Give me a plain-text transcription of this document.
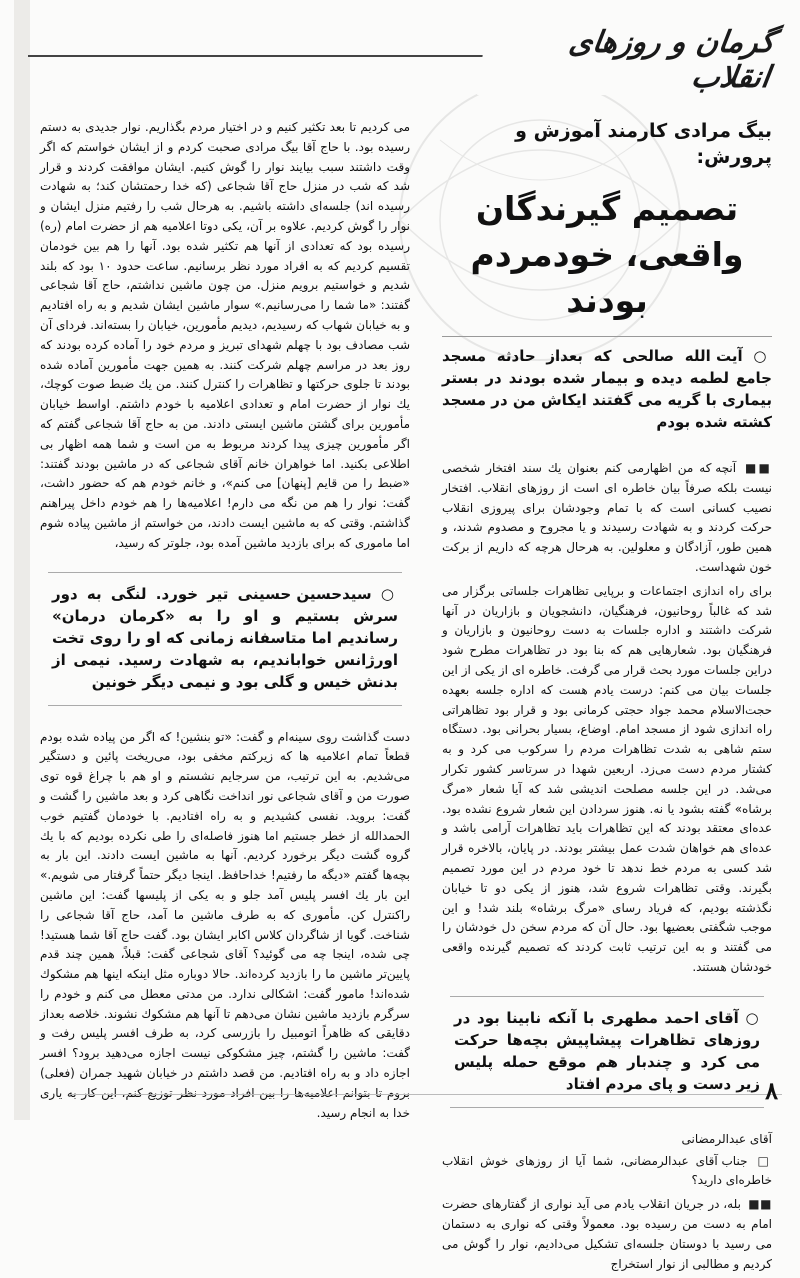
گرمان و روزهای انقلاب

بیگ مرادی کارمند آموزش و پرورش:

تصمیم گیرندگان واقعی، خودمردم بودند

○ آیت الله صالحی که بعداز حادثه مسجد جامع لطمه دیده و بیمار شده بودند در بستر بیماری با گریه می گفتند ایکاش من در مسجد کشته شده بودم

■■ آنچه که من اظهارمی کنم بعنوان یك سند افتخار شخصی نیست بلکه صرفاً بیان خاطره ای است از روزهای انقلاب. افتخار نصیب کسانی است که با تمام وجودشان برای پیروزی انقلاب حرکت کردند و به شهادت رسیدند و یا مجروح و مصدوم شدند، و همین طور، آزادگان و معلولین. به هرحال هرچه که داریم از برکت خون شهداست.

برای راه اندازی اجتماعات و برپایی تظاهرات جلساتی برگزار می شد که غالباً روحانیون، فرهنگیان، دانشجویان و بازاریان در آنها شرکت داشتند و اداره جلسات به دست روحانیون و بازاریان و فرهنگیان بود. شعارهایی هم که بنا بود در تظاهرات مطرح شود دراین جلسات مورد بحث قرار می گرفت. خاطره ای از یکی از این جلسات بیان می کنم: درست یادم هست که اداره جلسه بعهده حجت‌الاسلام محمد جواد حجتی کرمانی بود و قرار بود تظاهراتی راه اندازی شود از مسجد امام. اوضاع، بسیار بحرانی بود. دستگاه ستم شاهی به شدت تظاهرات مردم را سرکوب می کرد و به کشتار مردم دست می‌زد. اربعین شهدا در سرتاسر کشور تکرار می‌شد. در این جلسه مصلحت اندیشی شد که آیا شعار «مرگ برشاه» گفته بشود یا نه. هنوز سردادن این شعار شروع نشده بود. عده‌ای معتقد بودند که این تظاهرات باید تظاهرات آرامی باشد و عده‌ای هم خواهان شدت عمل بیشتر بودند. در پایان، بالاخره قرار شد کسی به مردم خط ندهد تا خود مردم در این مورد تصمیم بگیرند. وقتی تظاهرات شروع شد، هنوز از یکی دو تا خیابان نگذشته بودیم، که فریاد رسای «مرگ برشاه» بلند شد! و این موجب شگفتی بعضیها بود. حال آن که مردم سخن دل خودشان را می گفتند و به این ترتیب ثابت کردند که تصمیم گیرنده واقعی خودشان هستند.

○ آقای احمد مطهری با آنکه نابینا بود در روزهای تظاهرات پیشاپیش بچه‌ها حرکت می کرد و چندبار هم موقع حمله پلیس زیر دست و پای مردم افتاد

آقای عبدالرمضانی

□ جناب آقای عبدالرمضانی، شما آیا از روزهای خوش انقلاب خاطره‌ای دارید؟

■■ بله، در جریان انقلاب یادم می آید نوارى از گفتارهای حضرت امام به دست من رسیده بود. معمولاً وقتی که نواری به دستمان می رسید با دوستان جلسه‌ای تشکیل می‌دادیم، نوار را گوش می کردیم و مطالبی از نوار استخراج

می کردیم تا بعد تکثیر کنیم و در اختیار مردم بگذاریم. نوار جدیدی به دستم رسیده بود. با حاج آقا بیگ مرادی صحبت کردم و از ایشان خواستم که اگر وقت داشتند سبب بیایند نوار را گوش کنیم. ایشان موافقت کردند و قرار شد که شب در منزل حاج آقا شجاعی (که خدا رحمتشان کند؛ به شهادت رسیده اند) جلسه‌ای داشته باشیم. به هرحال شب را رفتیم منزل ایشان و نوار را گوش کردیم. علاوه بر آن، یکی دوتا اعلامیه هم از حضرت امام (ره) رسیده بود که تعدادی از آنها هم تکثیر شده بود. آنها را هم بین خودمان تقسیم کردیم که به افراد مورد نظر برسانیم. ساعت حدود ۱۰ بود که بلند شدیم و خواستیم برویم منزل. من چون ماشین نداشتم، حاج آقا شجاعی گفتند: «ما شما را می‌رسانیم.» سوار ماشین ایشان شدیم و به راه افتادیم و به خیابان شهاب که رسیدیم، دیدیم مأمورین، خیابان را بسته‌اند. فردای آن شب مصادف بود با چهلم شهدای تبریز و مردم خود را آماده کرده بودند که روز بعد در مراسم چهلم شرکت کنند. به همین جهت مأمورین آماده شده بودند تا جلوی حرکتها و تظاهرات را کنترل کنند. من یك ضبط صوت کوچك، یك نوار از حضرت امام و تعدادی اعلامیه با خودم داشتم. اواسط خیابان مأمورین برای گشتن ماشین ایستی دادند. من به حاج آقا شجاعی گفتم که اگر مأمورین چیزی پیدا کردند مربوط به من است و شما همه اظهار بی اطلاعی بکنید. اما خواهران خانم آقای شجاعی که در ماشین بودند گفتند: «ضبط را من قایم [پنهان] می کنم»، و خانم خودم هم که حضور داشت، گفت: نوار را هم من نگه می دارم! اعلامیه‌ها را هم خودم داخل پیراهنم گذاشتم. وقتی که به ماشین ایست دادند، من خواستم از ماشین پیاده شوم اما ماموری که برای بازدید ماشین آمده بود، جلوتر که رسید،

○ سیدحسین حسینی تیر خورد. لنگی به دور سرش بستیم و او را به «کرمان درمان» رساندیم اما متاسفانه زمانی که او را روی تخت اورژانس خواباندیم، به شهادت رسید. نیمی از بدنش خیس و گلی بود و نیمی دیگر خونین

دست گذاشت روی سینه‌ام و گفت: «تو بنشین! که اگر من پیاده شده بودم قطعاً تمام اعلامیه ها که زیرکتم مخفی بود، می‌ریخت پائین و دستگیر می‌شدیم. به این ترتیب، من سرجایم نشستم و او هم با چراغ قوه توی صورت من و آقای شجاعی نور انداخت نگاهی کرد و بعد ماشین را گشت و گفت: بروید. نفسی کشیدیم و به راه افتادیم. با خودمان گفتیم خوب الحمدالله از خطر جستیم اما هنوز فاصله‌ای را طی نکرده بودیم که با یك گروه گشت دیگر برخورد کردیم. آنها به ماشین ایست دادند. این بار به بچه‌ها گفتم «دیگه ما رفتیم! خداحافظ. اینجا دیگر حتماً گرفتار می شویم.» این بار یك افسر پلیس آمد جلو و به یکی از پلیسها گفت: این ماشین راکنترل کن. مأموری که به طرف ماشین ما آمد، حاج آقا شجاعی را شناخت. گویا از شاگردان کلاس اکابر ایشان بود. گفت حاج آقا شما هستید! چی شده، اینجا چه می گوئید؟ آقای شجاعی گفت: قبلاً، همین چند قدم پایین‌تر ماشین ما را بازدید کرده‌اند. حالا دوباره مثل اینکه اینها هم مشکوك شده‌اند! مامور گفت: اشکالی ندارد. من مدتی معطل می کنم و خودم را سرگرم بازدید ماشین نشان می‌دهم تا آنها هم مشکوك نشوند. خلاصه بعداز دقایقی که ظاهراً اتومبیل را بازرسی کرد، به طرف افسر پلیس رفت و گفت: ماشین را گشتم، چیز مشکوکی نیست اجازه می‌دهید برود؟ افسر اجازه داد و به راه افتادیم. من قصد داشتم در خیابان شهید جمران (فعلی) بروم تا بتوانم اعلامیه‌ها را بین افراد مورد نظر توزیع کنم، این کار به یاری خدا به انجام رسید.

۸
